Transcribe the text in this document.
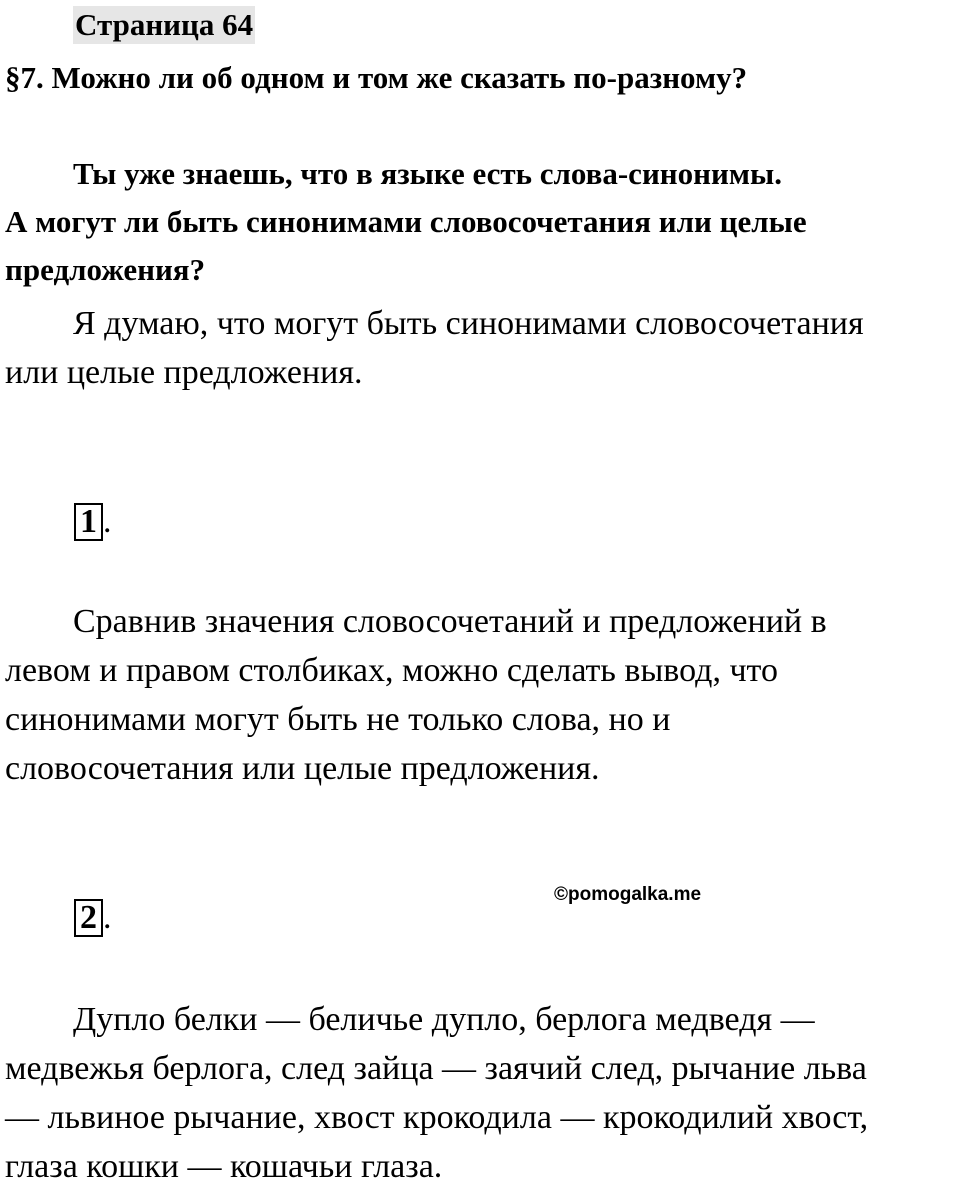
Страница 64
§7. Можно ли об одном и том же сказать по-разному?
Ты уже знаешь, что в языке есть слова-синонимы.
А могут ли быть синонимами словосочетания или целые
предложения?
Я думаю, что могут быть синонимами словосочетания
или целые предложения.
1 .
Сравнив значения словосочетаний и предложений в
левом и правом столбиках, можно сделать вывод, что
синонимами могут быть не только слова, но и
словосочетания или целые предложения.
©pomogalka.me
2 .
Дупло белки — беличье дупло, берлога медведя —
медвежья берлога, след зайца — заячий след, рычание льва
— львиное рычание, хвост крокодила — крокодилий хвост,
глаза кошки — кошачьи глаза.
